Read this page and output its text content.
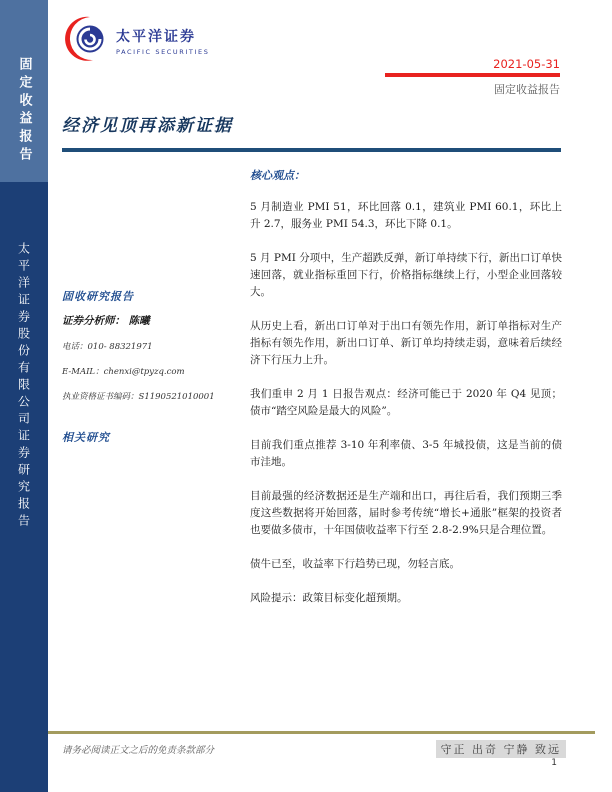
固定收益报告
太平洋证券股份有限公司证券研究报告
太平洋证券
PACIFIC SECURITIES
2021-05-31
固定收益报告
经济见顶再添新证据
固收研究报告
证券分析师： 陈曦
电话：010- 88321971
E-MAIL：chenxi@tpyzq.com
执业资格证书编码：S1190521010001
相关研究
核心观点：

5 月制造业 PMI 51，环比回落 0.1，建筑业 PMI 60.1，环比上升 2.7，服务业 PMI 54.3，环比下降 0.1。

5 月 PMI 分项中，生产超跌反弹，新订单持续下行，新出口订单快速回落，就业指标重回下行，价格指标继续上行，小型企业回落较大。

从历史上看，新出口订单对于出口有领先作用，新订单指标对生产指标有领先作用，新出口订单、新订单均持续走弱，意味着后续经济下行压力上升。

我们重申 2 月 1 日报告观点：经济可能已于 2020 年 Q4 见顶；债市“踏空风险是最大的风险”。

目前我们重点推荐 3-10 年利率债、3-5 年城投债，这是当前的债市洼地。

目前最强的经济数据还是生产端和出口，再往后看，我们预期三季度这些数据将开始回落，届时参考传统“增长+通胀”框架的投资者也要做多债市，十年国债收益率下行至 2.8-2.9%只是合理位置。

债牛已至，收益率下行趋势已现，勿轻言底。

风险提示：政策目标变化超预期。

请务必阅读正文之后的免责条款部分	守正 出奇 宁静 致远
1
